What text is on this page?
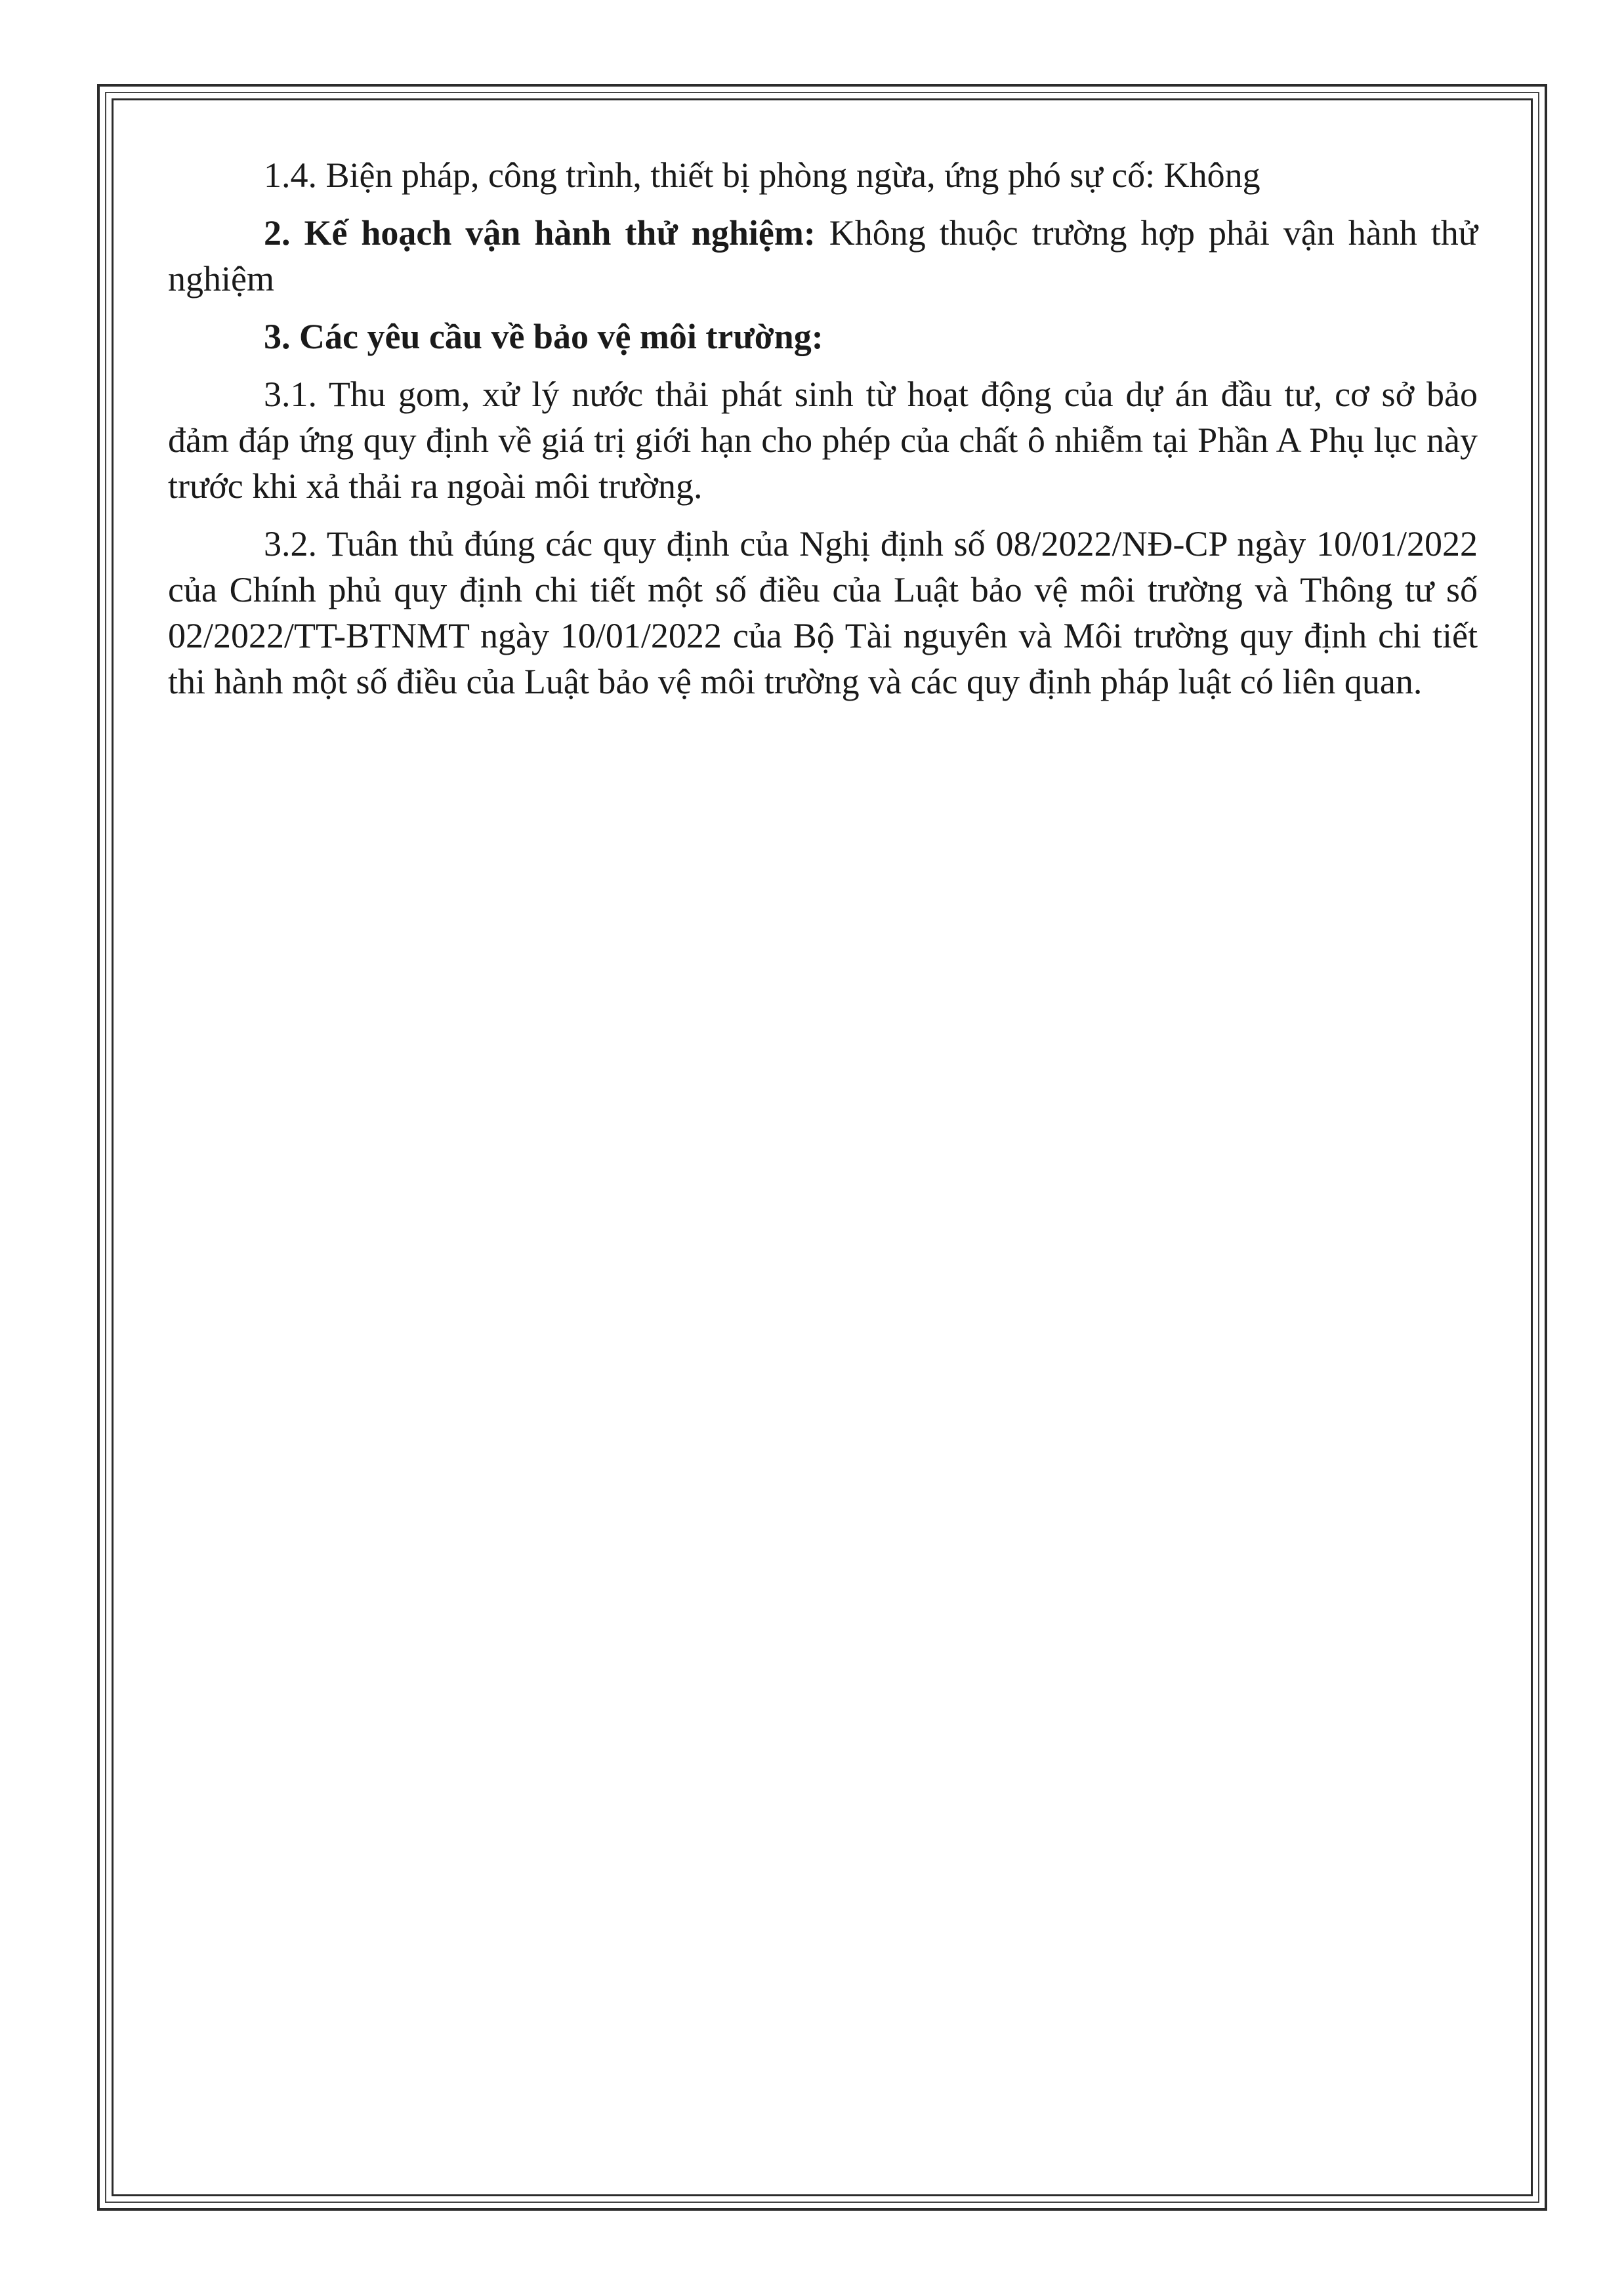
1.4. Biện pháp, công trình, thiết bị phòng ngừa, ứng phó sự cố: Không

2. Kế hoạch vận hành thử nghiệm: Không thuộc trường hợp phải vận hành thử nghiệm

3. Các yêu cầu về bảo vệ môi trường:

3.1. Thu gom, xử lý nước thải phát sinh từ hoạt động của dự án đầu tư, cơ sở bảo đảm đáp ứng quy định về giá trị giới hạn cho phép của chất ô nhiễm tại Phần A Phụ lục này trước khi xả thải ra ngoài môi trường.

3.2. Tuân thủ đúng các quy định của Nghị định số 08/2022/NĐ-CP ngày 10/01/2022 của Chính phủ quy định chi tiết một số điều của Luật bảo vệ môi trường và Thông tư số 02/2022/TT-BTNMT ngày 10/01/2022 của Bộ Tài nguyên và Môi trường quy định chi tiết thi hành một số điều của Luật bảo vệ môi trường và các quy định pháp luật có liên quan.
